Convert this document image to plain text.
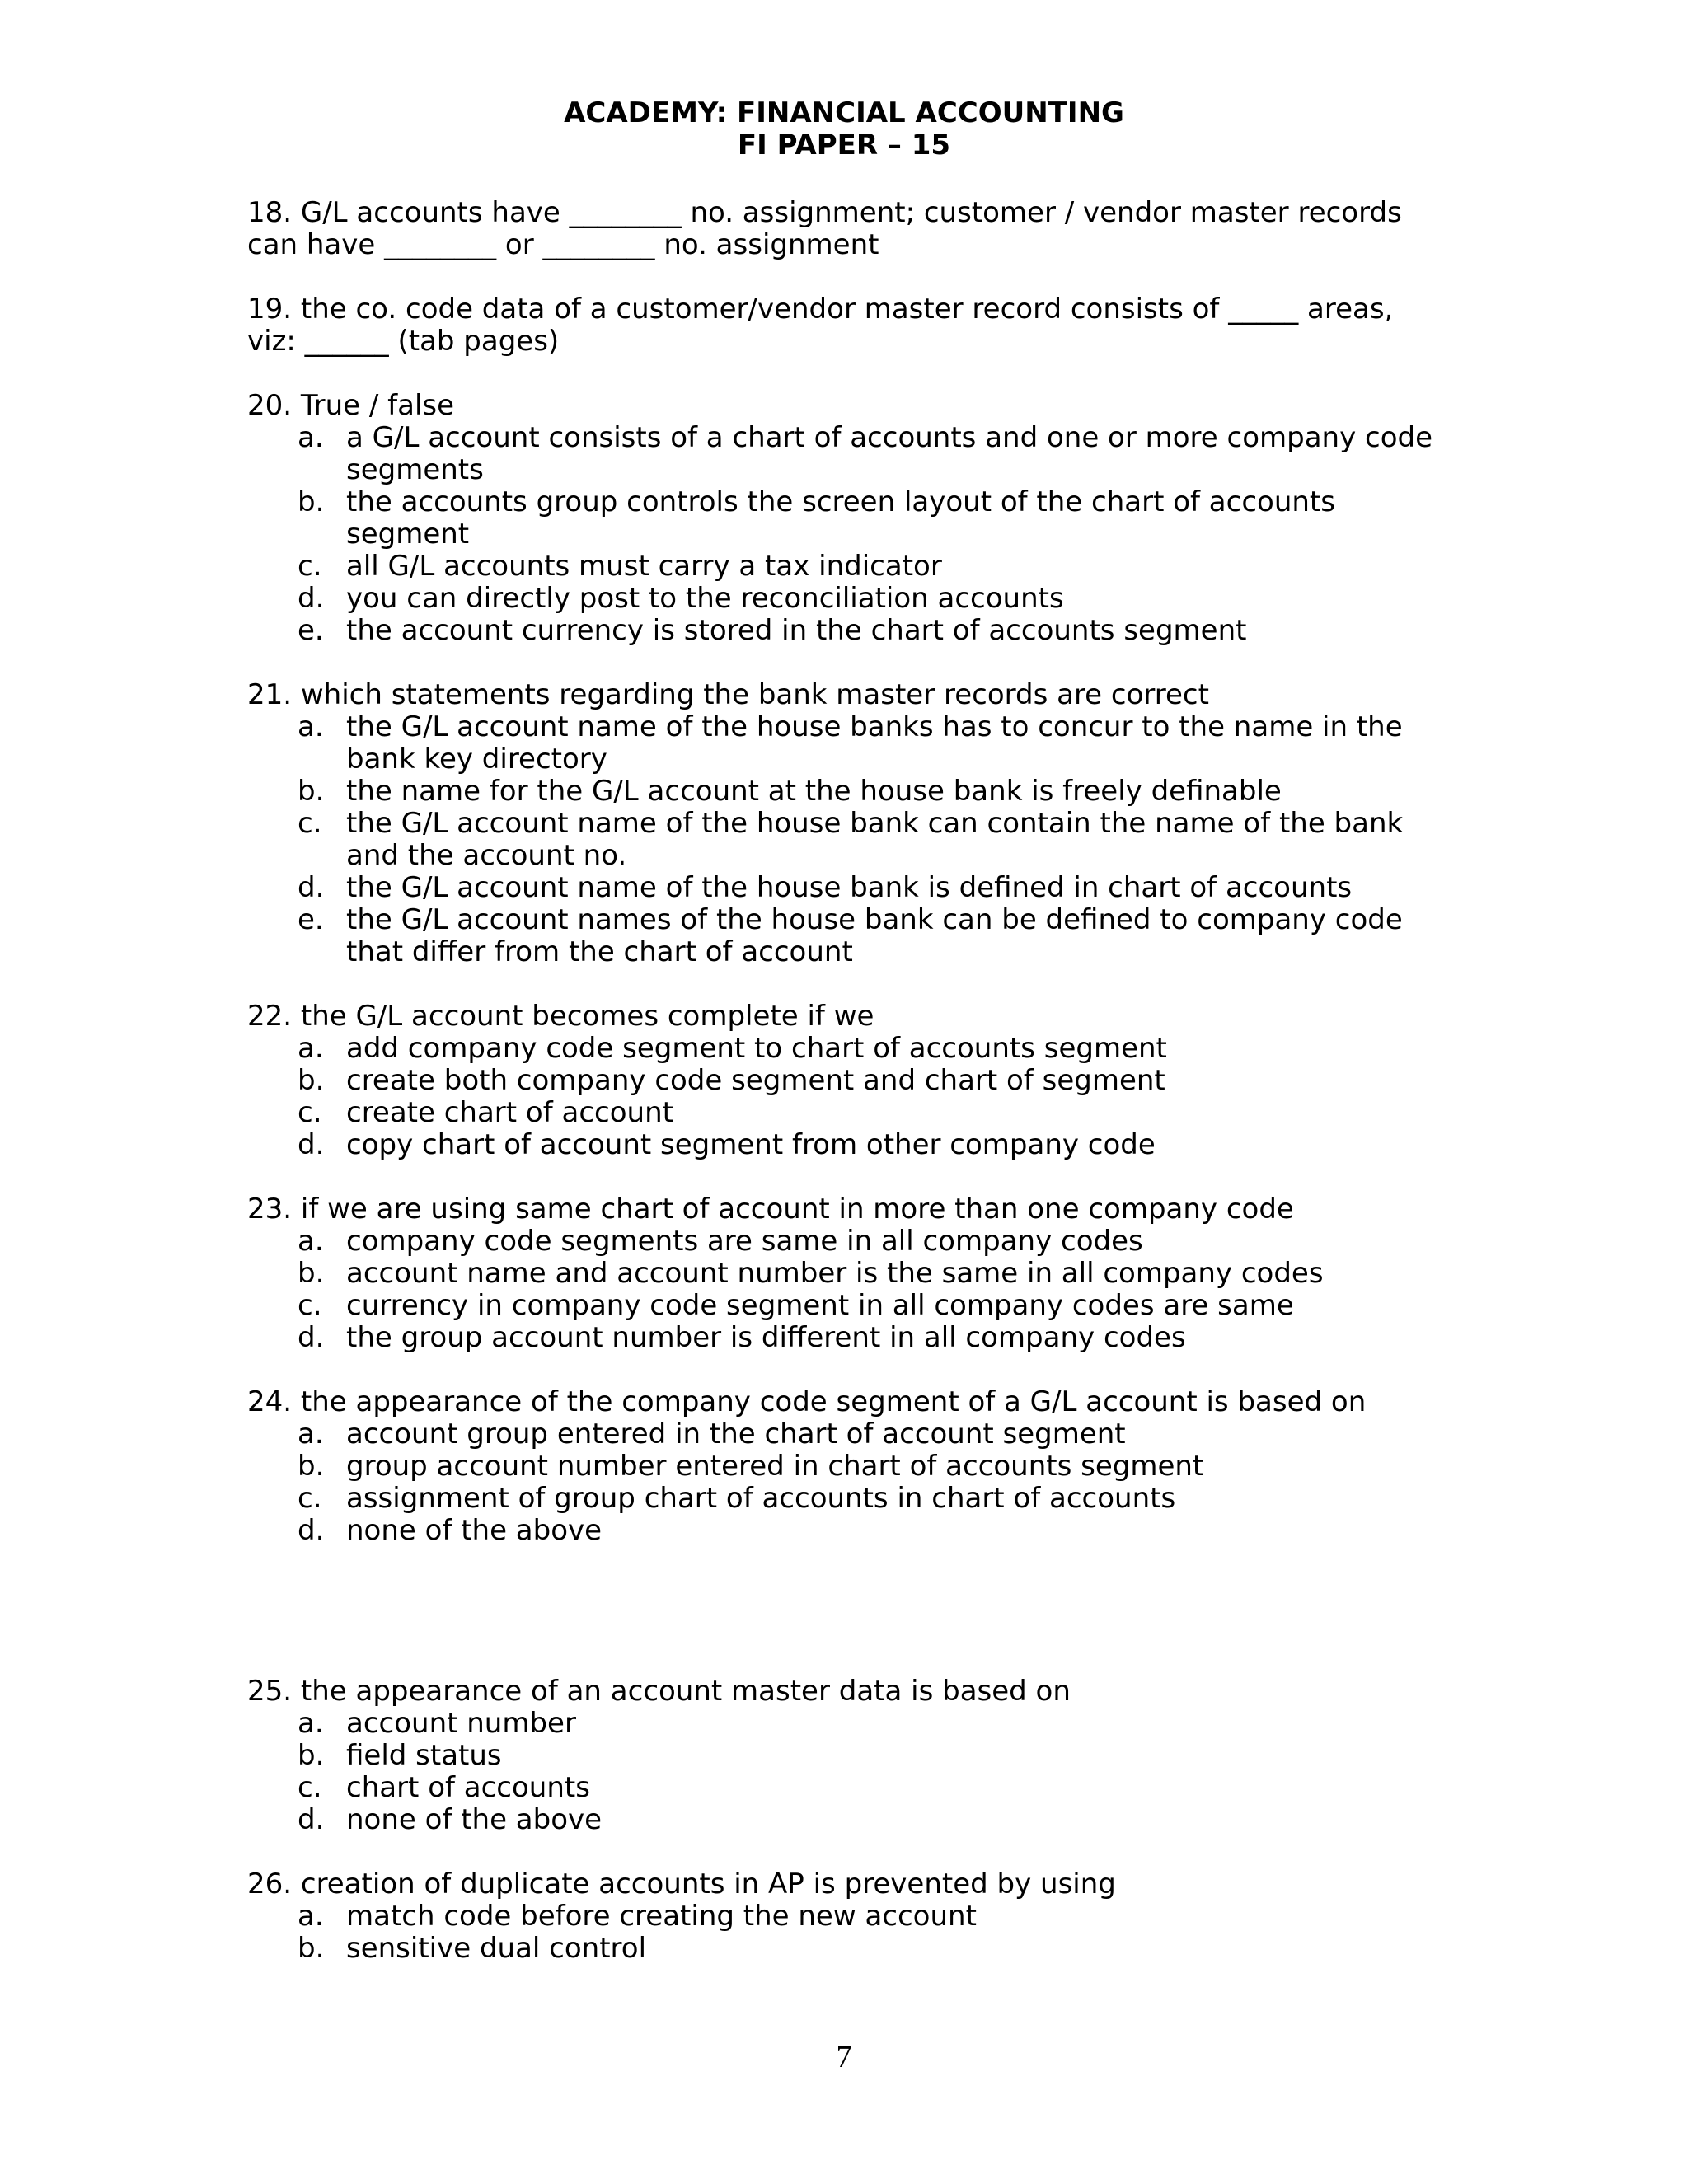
ACADEMY: FINANCIAL ACCOUNTING
FI PAPER – 15
18. G/L accounts have ________ no. assignment; customer / vendor master records can have ________ or ________ no. assignment
19. the co. code data of a customer/vendor master record consists of _____ areas, viz: ______ (tab pages)
20. True / false
a. a G/L account consists of a chart of accounts and one or more company code segments
b. the accounts group controls the screen layout of the chart of accounts segment
c. all G/L accounts must carry a tax indicator
d. you can directly post to the reconciliation accounts
e. the account currency is stored in the chart of accounts segment
21. which statements regarding the bank master records are correct
a. the G/L account name of the house banks has to concur to the name in the bank key directory
b. the name for the G/L account at the house bank is freely definable
c. the G/L account name of the house bank can contain the name of the bank and the account no.
d. the G/L account name of the house bank is defined in chart of accounts
e. the G/L account names of the house bank can be defined to company code that differ from the chart of account
22. the G/L account becomes complete if we
a. add company code segment to chart of accounts segment
b. create both company code segment and chart of segment
c. create chart of account
d. copy chart of account segment from other company code
23. if we are using same chart of account in more than one company code
a. company code segments are same in all company codes
b. account name and account number is the same in all company codes
c. currency in company code segment in all company codes are same
d. the group account number is different in all company codes
24. the appearance of the company code segment of a G/L account is based on
a. account group entered in the chart of account segment
b. group account number entered in chart of accounts segment
c. assignment of group chart of accounts in chart of accounts
d. none of the above
25. the appearance of an account master data is based on
a. account number
b. field status
c. chart of accounts
d. none of the above
26. creation of duplicate accounts in AP is prevented by using
a. match code before creating the new account
b. sensitive dual control
7
